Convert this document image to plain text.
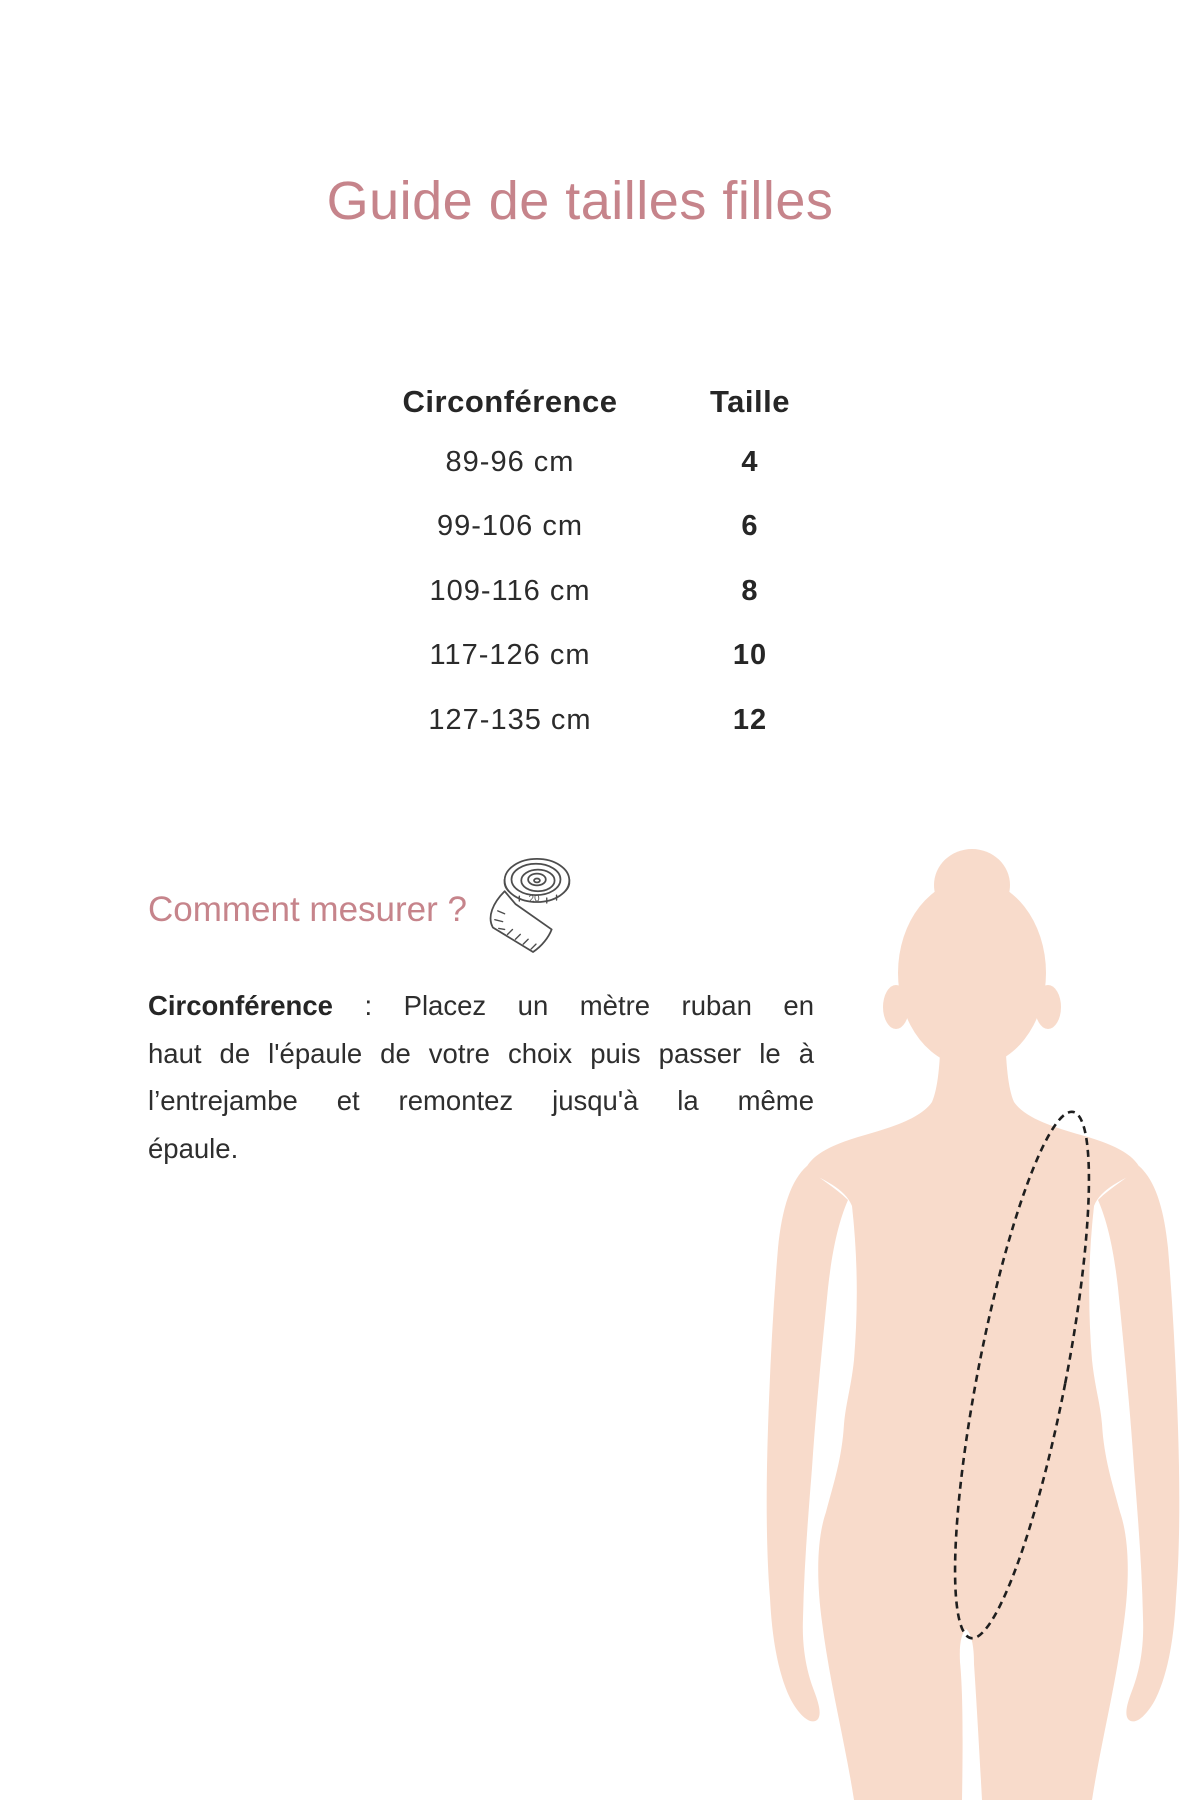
Guide de tailles filles
Circonférence	Taille
89-96 cm	4
99-106 cm	6
109-116 cm	8
117-126 cm	10
127-135 cm	12
Comment mesurer ?	20
Circonférence : Placez un mètre ruban en
haut de l'épaule de votre choix puis passer le à
l’entrejambe et remontez jusqu'à la même
épaule.
